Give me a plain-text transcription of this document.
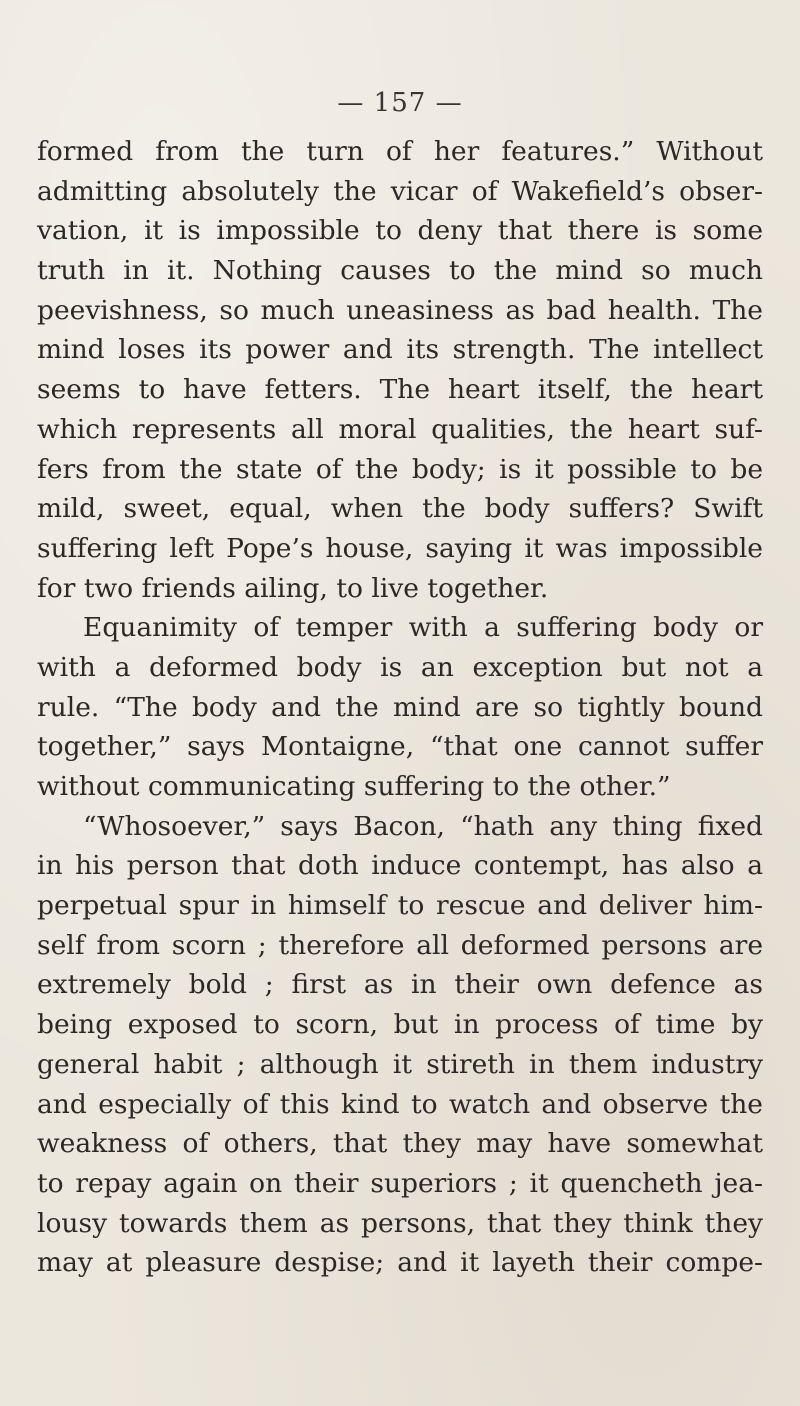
— 157 —
formed from the turn of her features.” Without
admitting absolutely the vicar of Wakefield’s obser-
vation, it is impossible to deny that there is some
truth in it. Nothing causes to the mind so much
peevishness, so much uneasiness as bad health. The
mind loses its power and its strength. The intellect
seems to have fetters. The heart itself, the heart
which represents all moral qualities, the heart suf-
fers from the state of the body; is it possible to be
mild, sweet, equal, when the body suffers? Swift
suffering left Pope’s house, saying it was impossible
for two friends ailing, to live together.
Equanimity of temper with a suffering body or
with a deformed body is an exception but not a
rule. “The body and the mind are so tightly bound
together,” says Montaigne, “that one cannot suffer
without communicating suffering to the other.”
“Whosoever,” says Bacon, “hath any thing fixed
in his person that doth induce contempt, has also a
perpetual spur in himself to rescue and deliver him-
self from scorn ; therefore all deformed persons are
extremely bold ; first as in their own defence as
being exposed to scorn, but in process of time by
general habit ; although it stireth in them industry
and especially of this kind to watch and observe the
weakness of others, that they may have somewhat
to repay again on their superiors ; it quencheth jea-
lousy towards them as persons, that they think they
may at pleasure despise; and it layeth their compe-
